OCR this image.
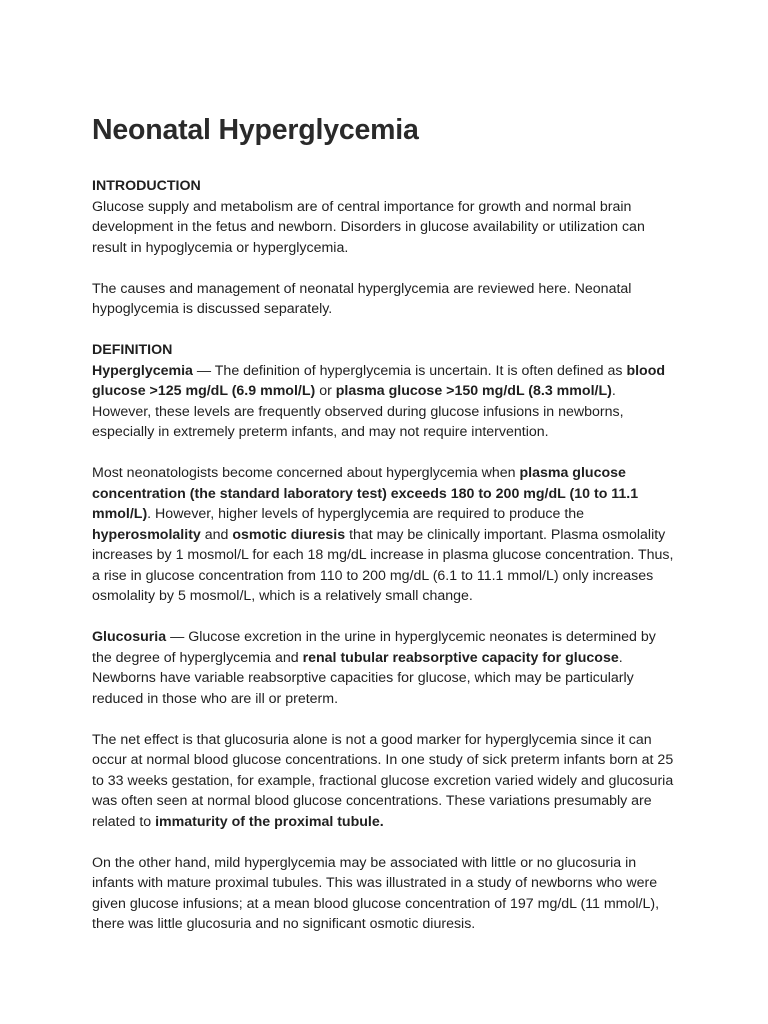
Neonatal Hyperglycemia
INTRODUCTION

Glucose supply and metabolism are of central importance for growth and normal brain development in the fetus and newborn. Disorders in glucose availability or utilization can result in hypoglycemia or hyperglycemia.

The causes and management of neonatal hyperglycemia are reviewed here. Neonatal hypoglycemia is discussed separately.

DEFINITION

Hyperglycemia — The definition of hyperglycemia is uncertain. It is often defined as blood glucose >125 mg/dL (6.9 mmol/L) or plasma glucose >150 mg/dL (8.3 mmol/L). However, these levels are frequently observed during glucose infusions in newborns, especially in extremely preterm infants, and may not require intervention.

Most neonatologists become concerned about hyperglycemia when plasma glucose concentration (the standard laboratory test) exceeds 180 to 200 mg/dL (10 to 11.1 mmol/L). However, higher levels of hyperglycemia are required to produce the hyperosmolality and osmotic diuresis that may be clinically important. Plasma osmolality increases by 1 mosmol/L for each 18 mg/dL increase in plasma glucose concentration. Thus, a rise in glucose concentration from 110 to 200 mg/dL (6.1 to 11.1 mmol/L) only increases osmolality by 5 mosmol/L, which is a relatively small change.

Glucosuria — Glucose excretion in the urine in hyperglycemic neonates is determined by the degree of hyperglycemia and renal tubular reabsorptive capacity for glucose. Newborns have variable reabsorptive capacities for glucose, which may be particularly reduced in those who are ill or preterm.

The net effect is that glucosuria alone is not a good marker for hyperglycemia since it can occur at normal blood glucose concentrations. In one study of sick preterm infants born at 25 to 33 weeks gestation, for example, fractional glucose excretion varied widely and glucosuria was often seen at normal blood glucose concentrations. These variations presumably are related to immaturity of the proximal tubule.

On the other hand, mild hyperglycemia may be associated with little or no glucosuria in infants with mature proximal tubules. This was illustrated in a study of newborns who were given glucose infusions; at a mean blood glucose concentration of 197 mg/dL (11 mmol/L), there was little glucosuria and no significant osmotic diuresis.
